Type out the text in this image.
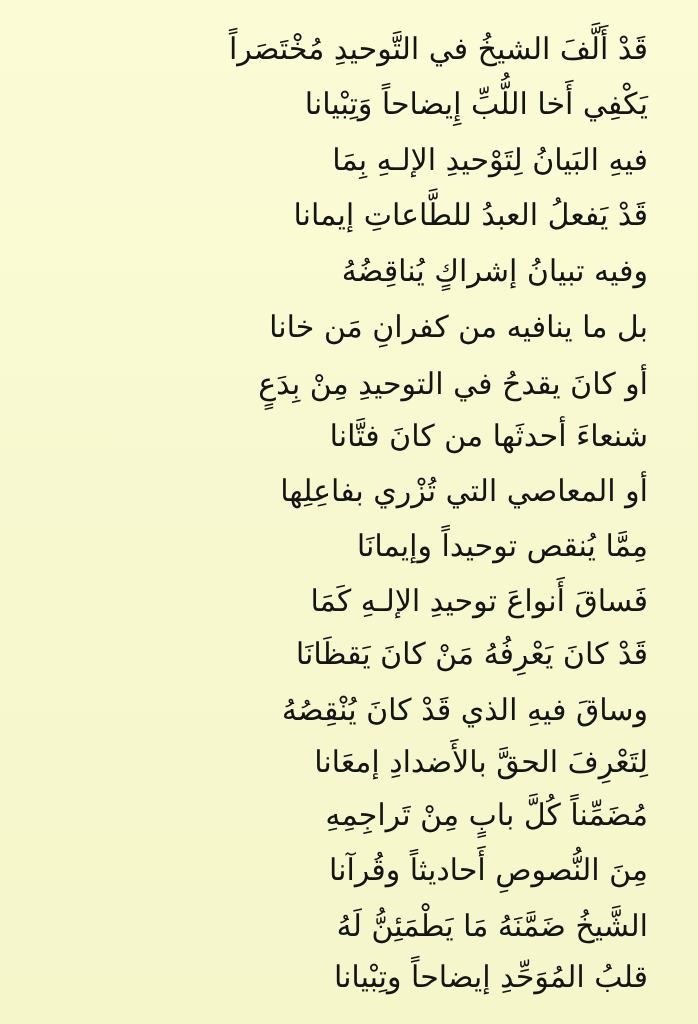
قَدْ أَلَّفَ الشيخُ في التَّوحيدِ مُخْتَصَراً
يَكْفِي أَخا اللُّبِّ إِيضاحاً وَتِبْيانا
فيهِ البَيانُ لِتَوْحيدِ الإلـهِ بِمَا
قَدْ يَفعلُ العبدُ للطَّاعاتِ إيمانا
وفيه تبيانُ إشراكٍ يُناقِضُهُ
بل ما ينافيه من كفرانِ مَن خانا
أو كانَ يقدحُ في التوحيدِ مِنْ بِدَعٍ
شنعاءَ أحدثَها من كانَ فتَّانا
أو المعاصي التي تُزْري بفاعِلِها
مِمَّا يُنقص توحيداً وإيمانَا
فَساقَ أَنواعَ توحيدِ الإلـهِ كَمَا
قَدْ كانَ يَعْرِفُهُ مَنْ كانَ يَقظَانَا
وساقَ فيهِ الذي قَدْ كانَ يُنْقِصُهُ
لِتَعْرِفَ الحقَّ بالأَضدادِ إمعَانا
مُضَمِّناً كُلَّ بابٍ مِنْ تَراجِمِهِ
مِنَ النُّصوصِ أَحاديثاً وقُرآنا
الشَّيخُ ضَمَّنَهُ مَا يَطْمَئِنُّ لَهُ
قلبُ المُوَحِّدِ إيضاحاً وتِبْيانا
